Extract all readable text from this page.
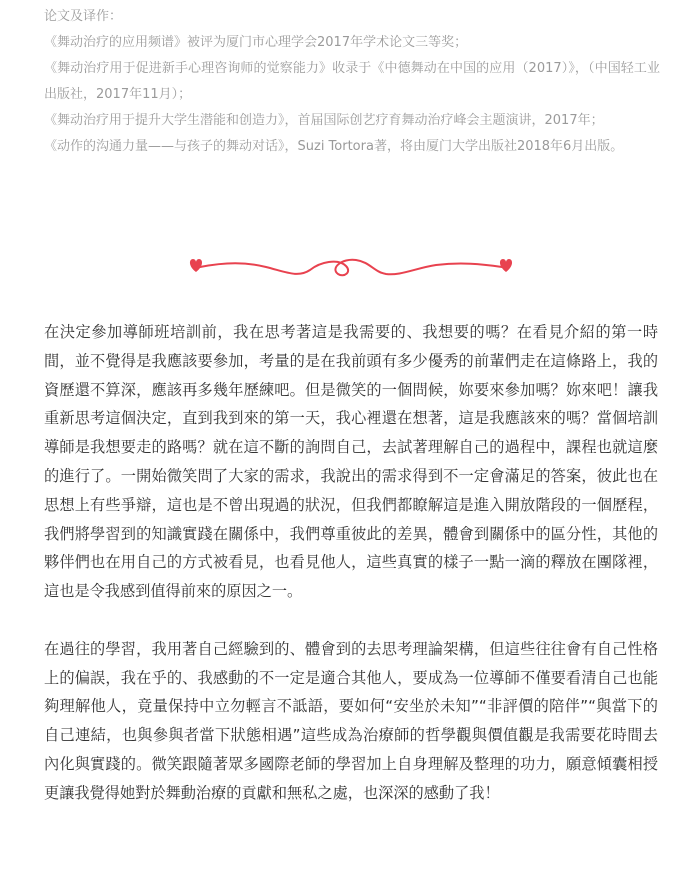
论文及译作：

《舞动治疗的应用频谱》被评为厦门市心理学会2017年学术论文三等奖；

《舞动治疗用于促进新手心理咨询师的觉察能力》收录于《中德舞动在中国的应用（2017）》，（中国轻工业出版社，2017年11月）；

《舞动治疗用于提升大学生潜能和创造力》，首届国际创艺疗育舞动治疗峰会主题演讲，2017年；

《动作的沟通力量——与孩子的舞动对话》，Suzi Tortora著，将由厦门大学出版社2018年6月出版。

在決定參加導師班培訓前，我在思考著這是我需要的、我想要的嗎？在看見介紹的第一時間，並不覺得是我應該要參加，考量的是在我前頭有多少優秀的前輩們走在這條路上，我的資歷還不算深，應該再多幾年歷練吧。但是微笑的一個問候，妳要來參加嗎？妳來吧！讓我重新思考這個決定，直到我到來的第一天，我心裡還在想著，這是我應該來的嗎？當個培訓導師是我想要走的路嗎？就在這不斷的詢問自己，去試著理解自己的過程中，課程也就這麼的進行了。一開始微笑問了大家的需求，我說出的需求得到不一定會滿足的答案，彼此也在思想上有些爭辯，這也是不曾出現過的狀況，但我們都瞭解這是進入開放階段的一個歷程，我們將學習到的知識實踐在關係中，我們尊重彼此的差異，體會到關係中的區分性，其他的夥伴們也在用自己的方式被看見，也看見他人，這些真實的樣子一點一滴的釋放在團隊裡，這也是令我感到值得前來的原因之一。

在過往的學習，我用著自己經驗到的、體會到的去思考理論架構，但這些往往會有自己性格上的偏誤，我在乎的、我感動的不一定是適合其他人，要成為一位導師不僅要看清自己也能夠理解他人，竟量保持中立勿輕言不詆語，要如何“安坐於未知”“非評價的陪伴”“與當下的自己連結，也與參與者當下狀態相遇”這些成為治療師的哲學觀與價值觀是我需要花時間去內化與實踐的。微笑跟隨著眾多國際老師的學習加上自身理解及整理的功力，願意傾囊相授更讓我覺得她對於舞動治療的貢獻和無私之處，也深深的感動了我！
